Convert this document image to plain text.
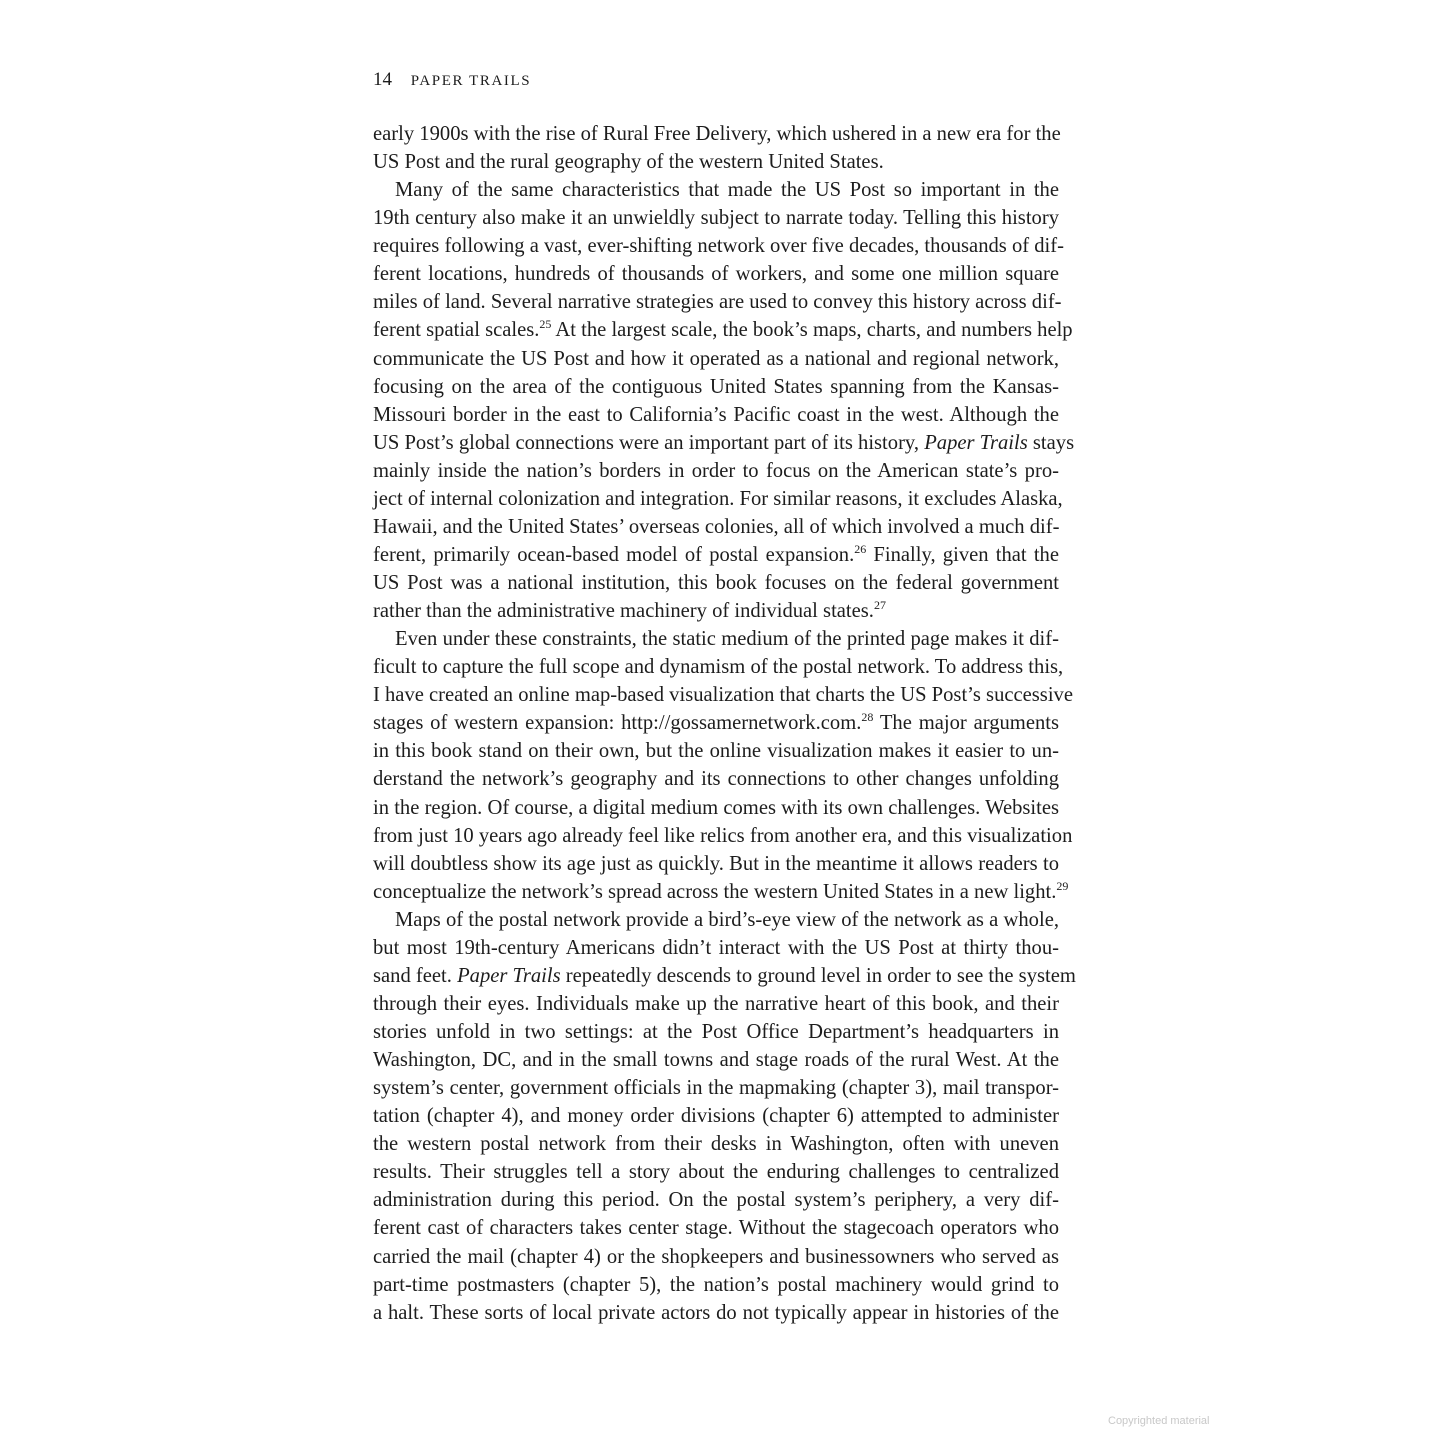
14 PAPER TRAILS
early 1900s with the rise of Rural Free Delivery, which ushered in a new era for the
US Post and the rural geography of the western United States.
Many of the same characteristics that made the US Post so important in the
19th century also make it an unwieldly subject to narrate today. Telling this history
requires following a vast, ever-shifting network over five decades, thousands of dif-
ferent locations, hundreds of thousands of workers, and some one million square
miles of land. Several narrative strategies are used to convey this history across dif-
ferent spatial scales.$^{25}$ At the largest scale, the book’s maps, charts, and numbers help
communicate the US Post and how it operated as a national and regional network,
focusing on the area of the contiguous United States spanning from the Kansas-
Missouri border in the east to California’s Pacific coast in the west. Although the
US Post’s global connections were an important part of its history, Paper Trails stays
mainly inside the nation’s borders in order to focus on the American state’s pro-
ject of internal colonization and integration. For similar reasons, it excludes Alaska,
Hawaii, and the United States’ overseas colonies, all of which involved a much dif-
ferent, primarily ocean-based model of postal expansion.$^{26}$ Finally, given that the
US Post was a national institution, this book focuses on the federal government
rather than the administrative machinery of individual states.$^{27}$
Even under these constraints, the static medium of the printed page makes it dif-
ficult to capture the full scope and dynamism of the postal network. To address this,
I have created an online map-based visualization that charts the US Post’s successive
stages of western expansion: http://gossamernetwork.com.$^{28}$ The major arguments
in this book stand on their own, but the online visualization makes it easier to un-
derstand the network’s geography and its connections to other changes unfolding
in the region. Of course, a digital medium comes with its own challenges. Websites
from just 10 years ago already feel like relics from another era, and this visualization
will doubtless show its age just as quickly. But in the meantime it allows readers to
conceptualize the network’s spread across the western United States in a new light.$^{29}$
Maps of the postal network provide a bird’s-eye view of the network as a whole,
but most 19th-century Americans didn’t interact with the US Post at thirty thou-
sand feet. Paper Trails repeatedly descends to ground level in order to see the system
through their eyes. Individuals make up the narrative heart of this book, and their
stories unfold in two settings: at the Post Office Department’s headquarters in
Washington, DC, and in the small towns and stage roads of the rural West. At the
system’s center, government officials in the mapmaking (chapter 3), mail transpor-
tation (chapter 4), and money order divisions (chapter 6) attempted to administer
the western postal network from their desks in Washington, often with uneven
results. Their struggles tell a story about the enduring challenges to centralized
administration during this period. On the postal system’s periphery, a very dif-
ferent cast of characters takes center stage. Without the stagecoach operators who
carried the mail (chapter 4) or the shopkeepers and businessowners who served as
part-time postmasters (chapter 5), the nation’s postal machinery would grind to
a halt. These sorts of local private actors do not typically appear in histories of the
Copyrighted material
